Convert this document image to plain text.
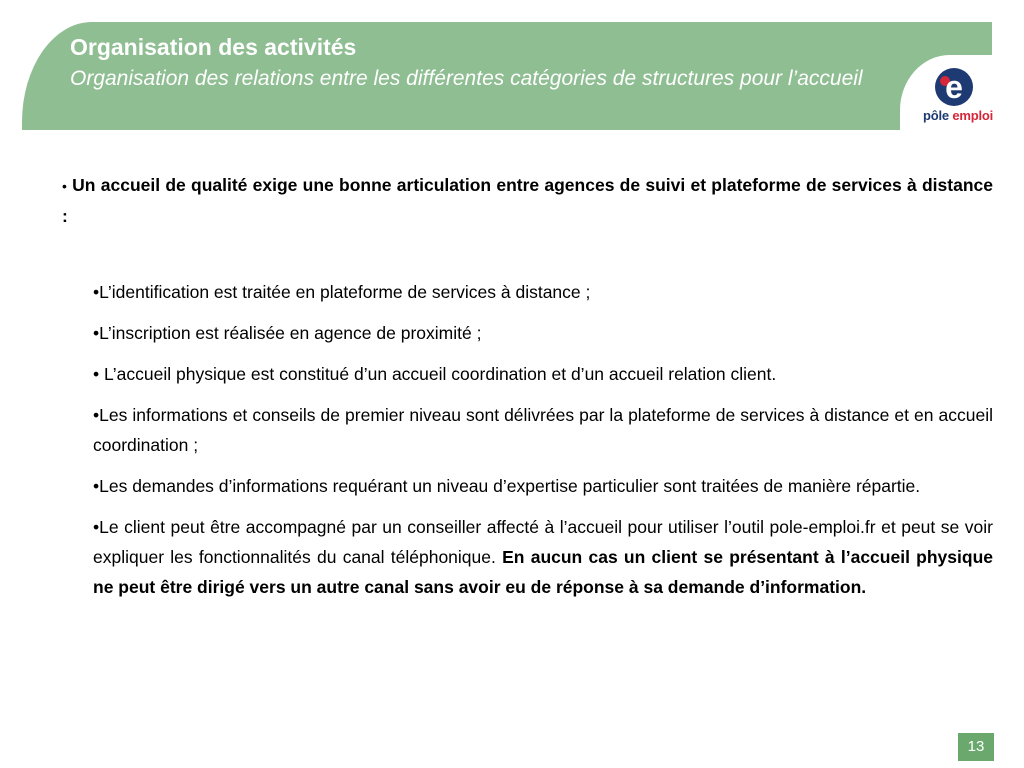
Organisation des activités
Organisation des relations entre les différentes catégories de structures pour l’accueil	e
pôle emploi
• Un accueil de qualité exige une bonne articulation entre agences de suivi et plateforme de services à distance :
•L’identification est traitée en plateforme de services à distance ;
•L’inscription est réalisée en agence de proximité ;
• L’accueil physique est constitué d’un accueil coordination et d’un accueil relation client.
•Les informations et conseils de premier niveau sont délivrées par la plateforme de services à distance et en accueil coordination ;
•Les demandes d’informations requérant un niveau d’expertise particulier sont traitées de manière répartie.
•Le client peut être accompagné par un conseiller affecté à l’accueil pour utiliser l’outil pole-emploi.fr et peut se voir expliquer les fonctionnalités du canal téléphonique. En aucun cas un client se présentant à l’accueil physique ne peut être dirigé vers un autre canal sans avoir eu de réponse à sa demande d’information.
13
